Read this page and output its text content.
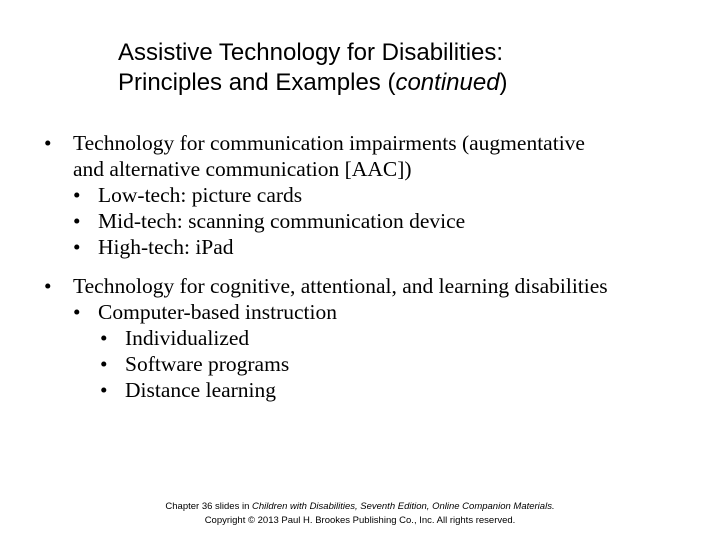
Assistive Technology for Disabilities:
Principles and Examples (continued)
• Technology for communication impairments (augmentative
and alternative communication [AAC])
• Low-tech: picture cards
• Mid-tech: scanning communication device
• High-tech: iPad
• Technology for cognitive, attentional, and learning disabilities
• Computer-based instruction
• Individualized
• Software programs
• Distance learning
Chapter 36 slides in Children with Disabilities, Seventh Edition, Online Companion Materials.
Copyright © 2013 Paul H. Brookes Publishing Co., Inc. All rights reserved.
